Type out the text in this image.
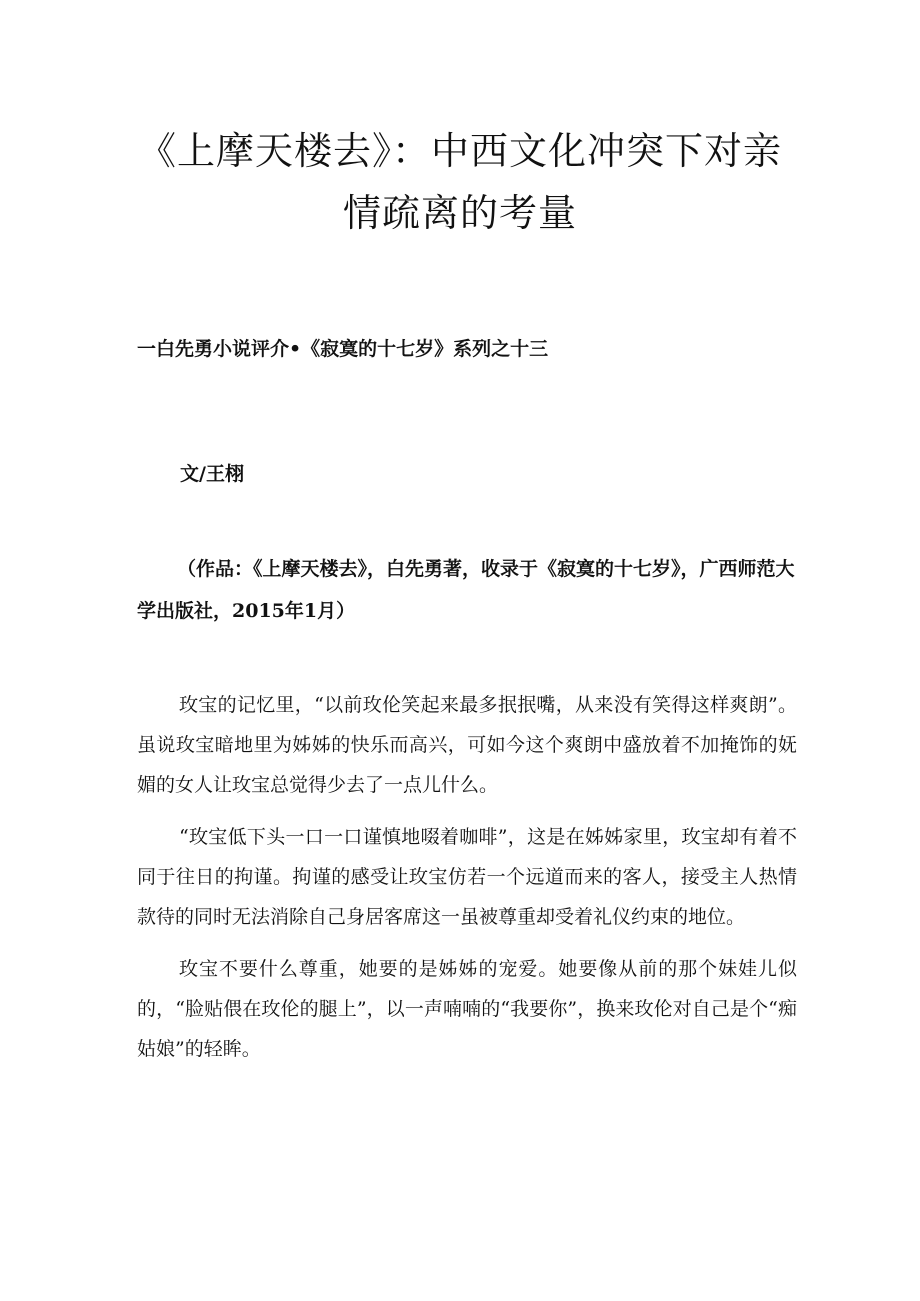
《上摩天楼去》：中西文化冲突下对亲情疏离的考量
一白先勇小说评介•《寂寞的十七岁》系列之十三
文/王栩

（作品：《上摩天楼去》，白先勇著，收录于《寂寞的十七岁》，广西师范大学出版社，2015年1月）

玫宝的记忆里，“以前玫伦笑起来最多抿抿嘴，从来没有笑得这样爽朗”。虽说玫宝暗地里为姊姊的快乐而高兴，可如今这个爽朗中盛放着不加掩饰的妩媚的女人让玫宝总觉得少去了一点儿什么。

“玫宝低下头一口一口谨慎地啜着咖啡”，这是在姊姊家里，玫宝却有着不同于往日的拘谨。拘谨的感受让玫宝仿若一个远道而来的客人，接受主人热情款待的同时无法消除自己身居客席这一虽被尊重却受着礼仪约束的地位。

玫宝不要什么尊重，她要的是姊姊的宠爱。她要像从前的那个妹娃儿似的，“脸贴偎在玫伦的腿上”，以一声喃喃的“我要你”，换来玫伦对自己是个“痴姑娘”的轻眸。
